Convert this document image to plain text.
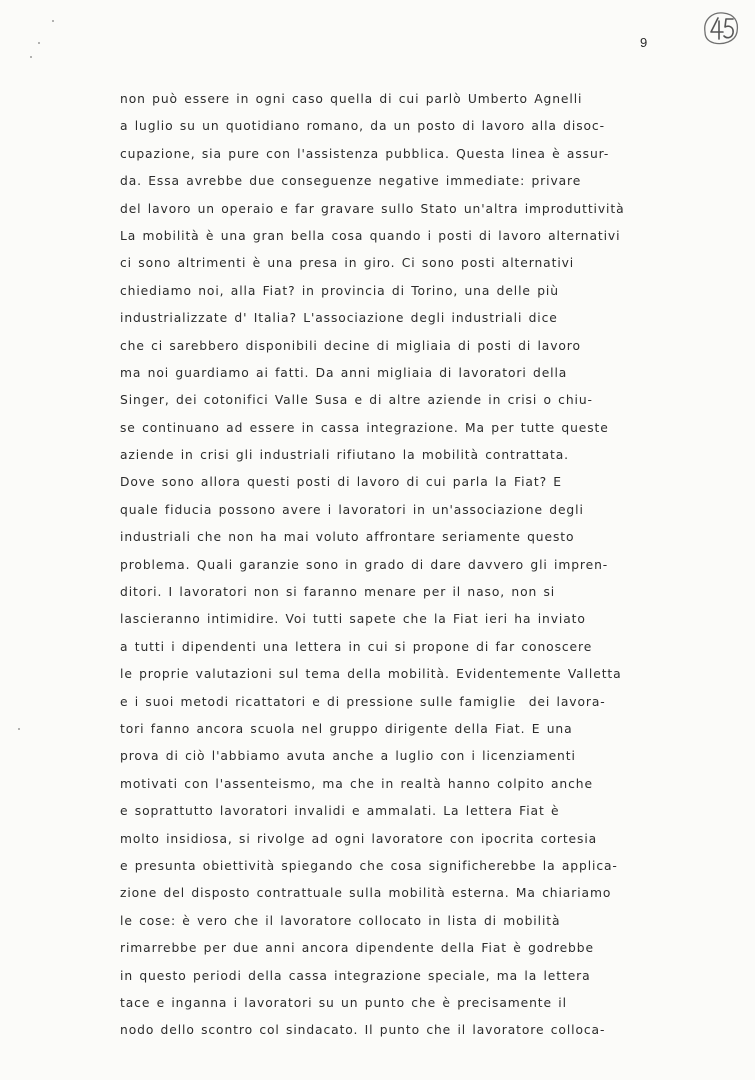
9
non può essere in ogni caso quella di cui parlò Umberto Agnelli
a luglio su un quotidiano romano, da un posto di lavoro alla disoc-
cupazione, sia pure con l'assistenza pubblica. Questa linea è assur-
da. Essa avrebbe due conseguenze negative immediate: privare
del lavoro un operaio e far gravare sullo Stato un'altra improduttività
La mobilità è una gran bella cosa quando i posti di lavoro alternativi
ci sono altrimenti è una presa in giro. Ci sono posti alternativi
chiediamo noi, alla Fiat? in provincia di Torino, una delle più
industrializzate d' Italia? L'associazione degli industriali dice
che ci sarebbero disponibili decine di migliaia di posti di lavoro
ma noi guardiamo ai fatti. Da anni migliaia di lavoratori della
Singer, dei cotonifici Valle Susa e di altre aziende in crisi o chiu-
se continuano ad essere in cassa integrazione. Ma per tutte queste
aziende in crisi gli industriali rifiutano la mobilità contrattata.
Dove sono allora questi posti di lavoro di cui parla la Fiat? E
quale fiducia possono avere i lavoratori in un'associazione degli
industriali che non ha mai voluto affrontare seriamente questo
problema. Quali garanzie sono in grado di dare davvero gli impren-
ditori. I lavoratori non si faranno menare per il naso, non si
lascieranno intimidire. Voi tutti sapete che la Fiat ieri ha inviato
a tutti i dipendenti una lettera in cui si propone di far conoscere
le proprie valutazioni sul tema della mobilità. Evidentemente Valletta
e i suoi metodi ricattatori e di pressione sulle famiglie  dei lavora-
tori fanno ancora scuola nel gruppo dirigente della Fiat. E una
prova di ciò l'abbiamo avuta anche a luglio con i licenziamenti
motivati con l'assenteismo, ma che in realtà hanno colpito anche
e soprattutto lavoratori invalidi e ammalati. La lettera Fiat è
molto insidiosa, si rivolge ad ogni lavoratore con ipocrita cortesia
e presunta obiettività spiegando che cosa significherebbe la applica-
zione del disposto contrattuale sulla mobilità esterna. Ma chiariamo
le cose: è vero che il lavoratore collocato in lista di mobilità
rimarrebbe per due anni ancora dipendente della Fiat è godrebbe
in questo periodi della cassa integrazione speciale, ma la lettera
tace e inganna i lavoratori su un punto che è precisamente il
nodo dello scontro col sindacato. Il punto che il lavoratore colloca-
